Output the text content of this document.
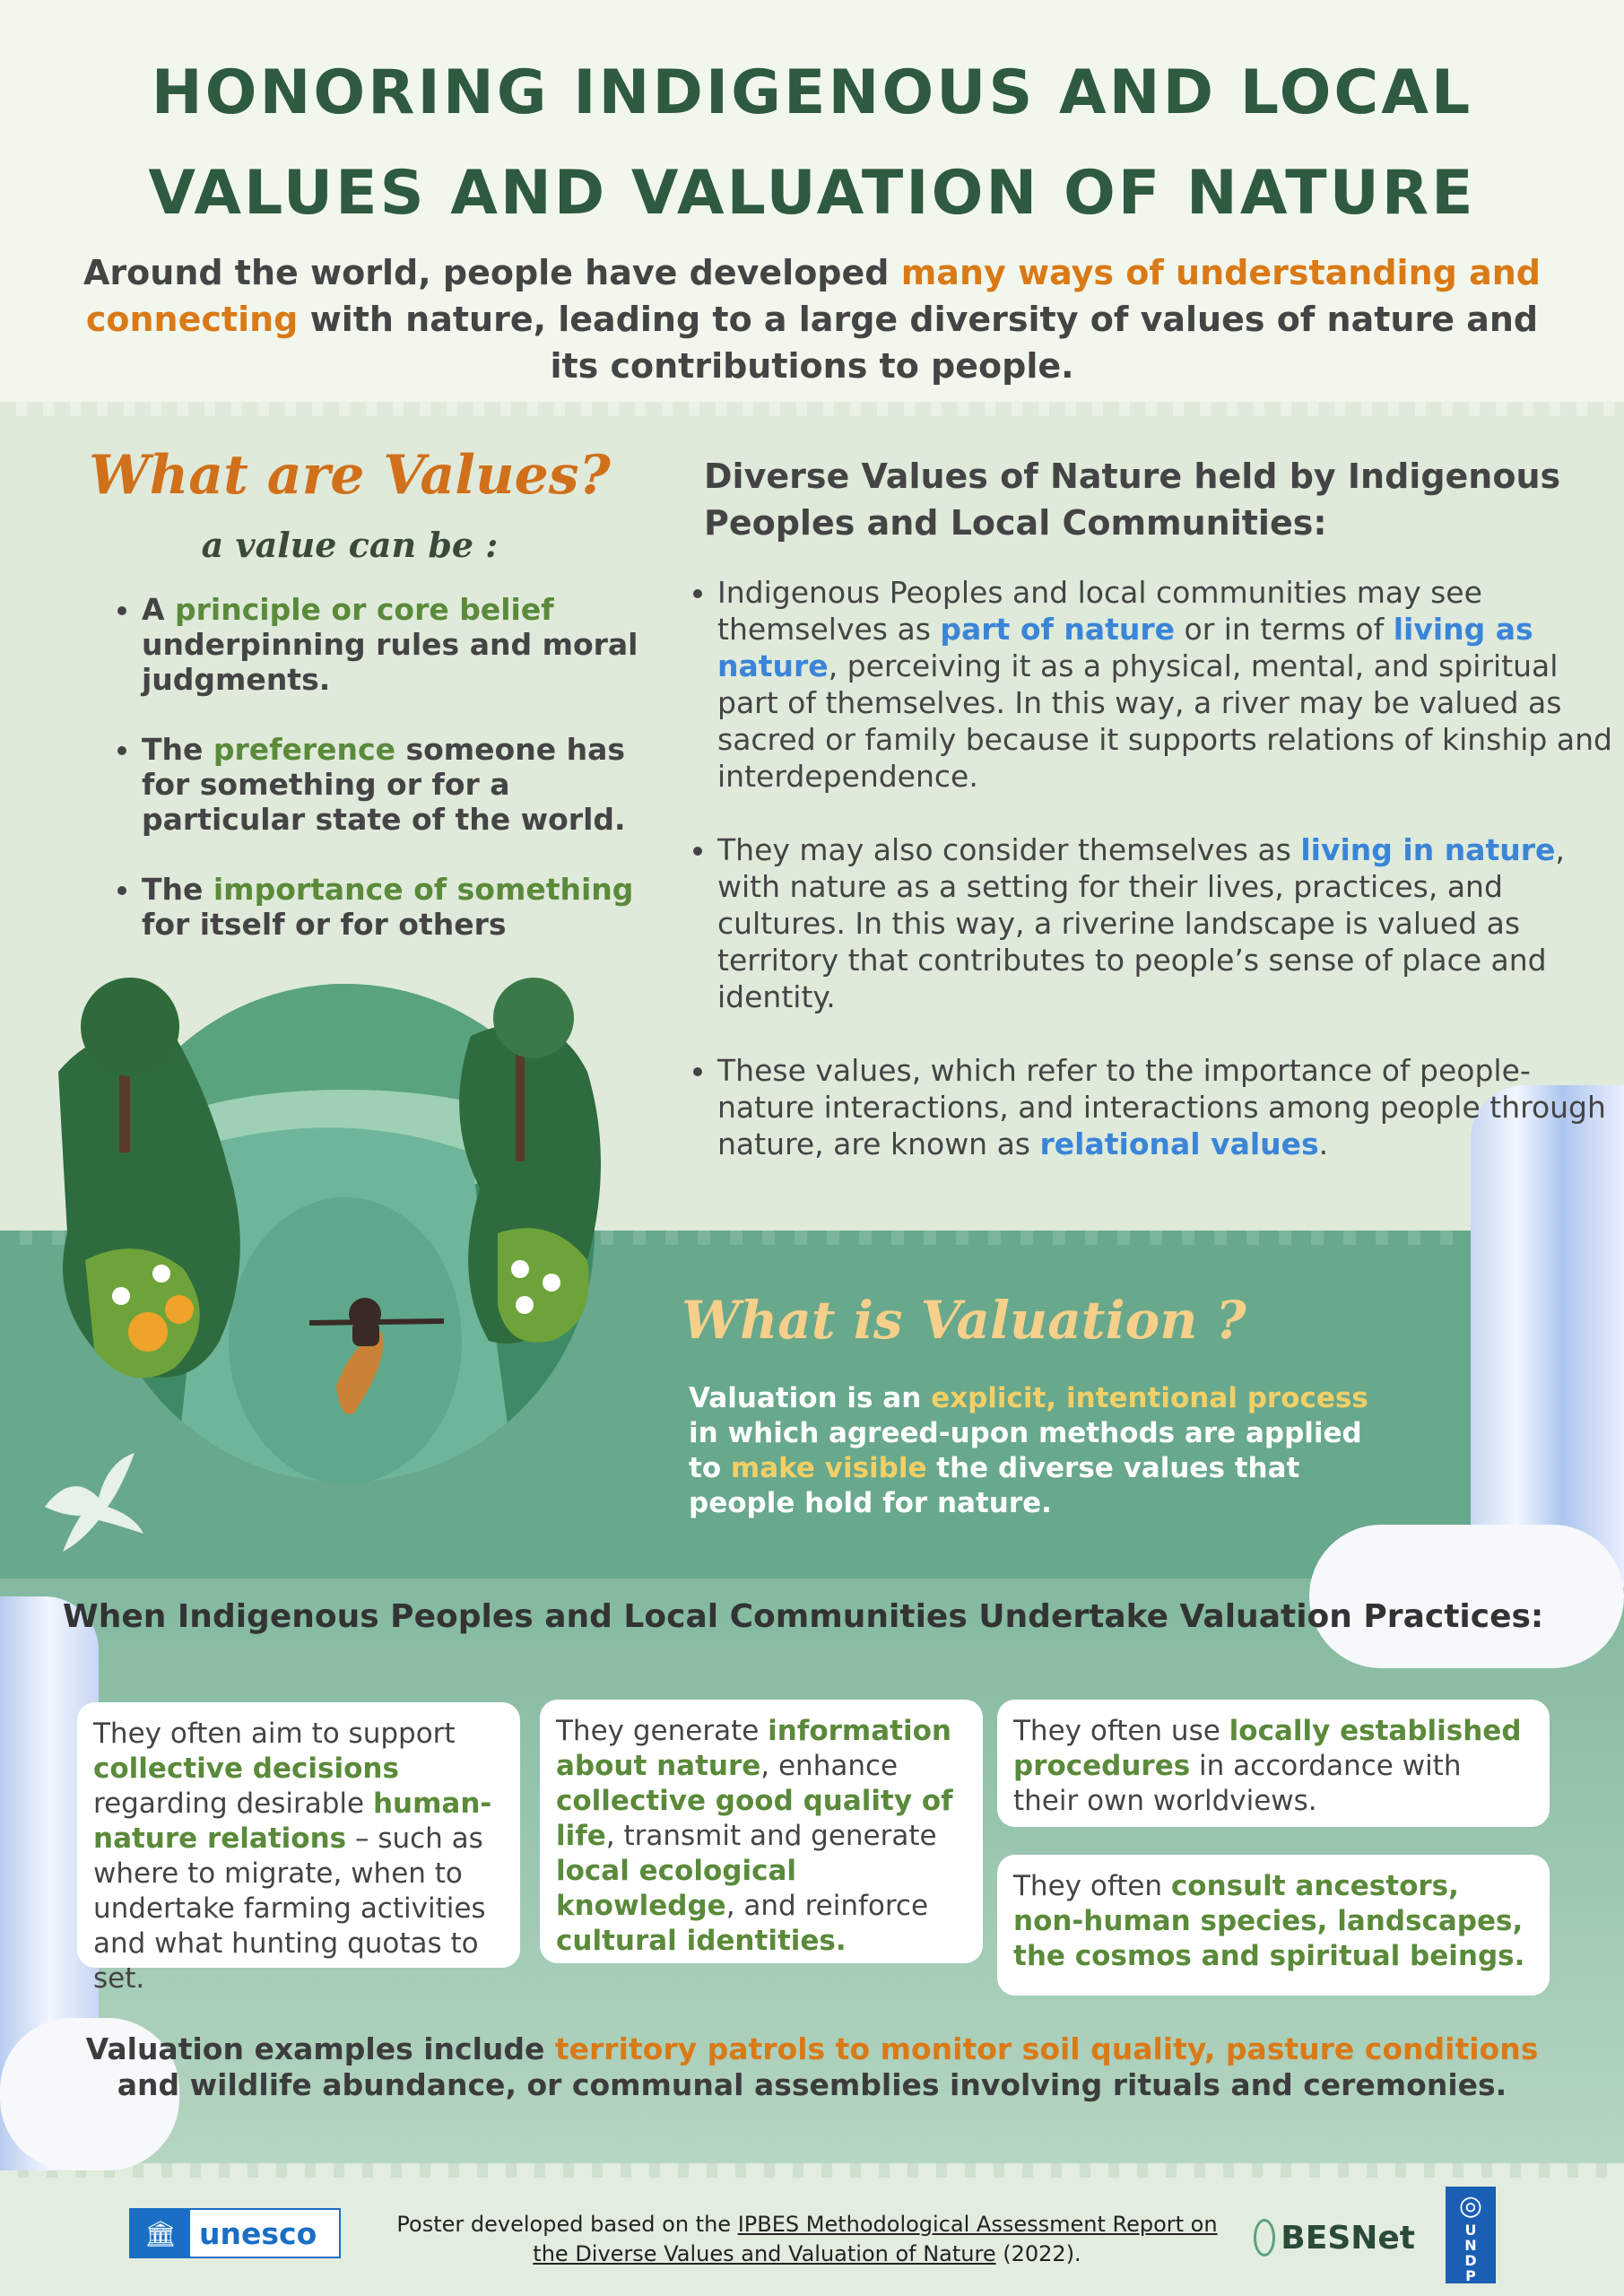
HONORING INDIGENOUS AND LOCAL VALUES AND VALUATION OF NATURE

Around the world, people have developed many ways of understanding and connecting with nature, leading to a large diversity of values of nature and its contributions to people.

What are Values?
a value can be :
• A principle or core belief underpinning rules and moral judgments.
• The preference someone has for something or for a particular state of the world.
• The importance of something for itself or for others
Diverse Values of Nature held by Indigenous Peoples and Local Communities:
• Indigenous Peoples and local communities may see themselves as part of nature or in terms of living as nature, perceiving it as a physical, mental, and spiritual part of themselves. In this way, a river may be valued as sacred or family because it supports relations of kinship and interdependence.
• They may also consider themselves as living in nature, with nature as a setting for their lives, practices, and cultures. In this way, a riverine landscape is valued as territory that contributes to people’s sense of place and identity.
• These values, which refer to the importance of people-nature interactions, and interactions among people through nature, are known as relational values.
What is Valuation ?

Valuation is an explicit, intentional process in which agreed-upon methods are applied to make visible the diverse values that people hold for nature.

When Indigenous Peoples and Local Communities Undertake Valuation Practices:
They often aim to support collective decisions regarding desirable human-nature relations – such as where to migrate, when to undertake farming activities and what hunting quotas to set.
They generate information about nature, enhance collective good quality of life, transmit and generate local ecological knowledge, and reinforce cultural identities.
They often use locally established procedures in accordance with their own worldviews.
They often consult ancestors, non-human species, landscapes, the cosmos and spiritual beings.

Valuation examples include territory patrols to monitor soil quality, pasture conditions and wildlife abundance, or communal assemblies involving rituals and ceremonies.

🏛 unesco	Poster developed based on the IPBES Methodological Assessment Report on the Diverse Values and Valuation of Nature (2022).	BESNet
◎
U
N
D
P
